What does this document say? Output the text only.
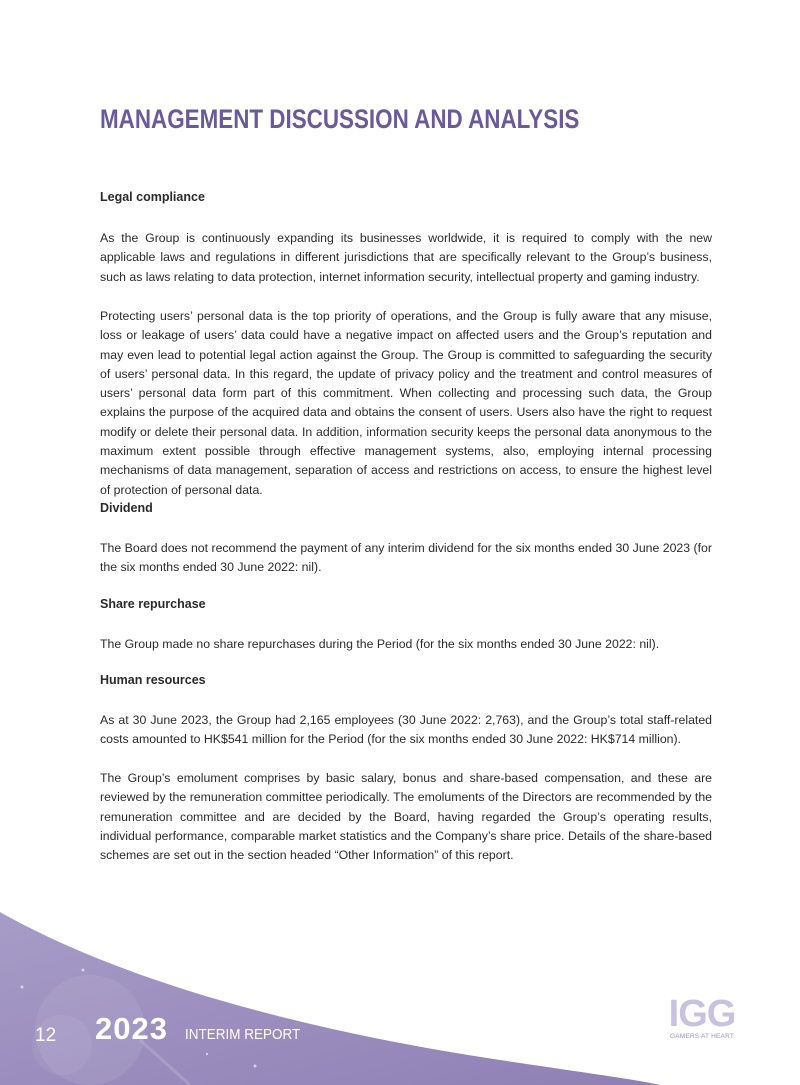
MANAGEMENT DISCUSSION AND ANALYSIS
Legal compliance
As the Group is continuously expanding its businesses worldwide, it is required to comply with the new applicable laws and regulations in different jurisdictions that are specifically relevant to the Group’s business, such as laws relating to data protection, internet information security, intellectual property and gaming industry.
Protecting users’ personal data is the top priority of operations, and the Group is fully aware that any misuse, loss or leakage of users’ data could have a negative impact on affected users and the Group’s reputation and may even lead to potential legal action against the Group. The Group is committed to safeguarding the security of users’ personal data. In this regard, the update of privacy policy and the treatment and control measures of users’ personal data form part of this commitment. When collecting and processing such data, the Group explains the purpose of the acquired data and obtains the consent of users. Users also have the right to request modify or delete their personal data. In addition, information security keeps the personal data anonymous to the maximum extent possible through effective management systems, also, employing internal processing mechanisms of data management, separation of access and restrictions on access, to ensure the highest level of protection of personal data.
Dividend
The Board does not recommend the payment of any interim dividend for the six months ended 30 June 2023 (for the six months ended 30 June 2022: nil).
Share repurchase
The Group made no share repurchases during the Period (for the six months ended 30 June 2022: nil).
Human resources
As at 30 June 2023, the Group had 2,165 employees (30 June 2022: 2,763), and the Group’s total staff-related costs amounted to HK$541 million for the Period (for the six months ended 30 June 2022: HK$714 million).
The Group’s emolument comprises by basic salary, bonus and share-based compensation, and these are reviewed by the remuneration committee periodically. The emoluments of the Directors are recommended by the remuneration committee and are decided by the Board, having regarded the Group’s operating results, individual performance, comparable market statistics and the Company’s share price. Details of the share-based schemes are set out in the section headed “Other Information” of this report.
12 2023 INTERIM REPORT	IGG
GAMERS AT HEART
